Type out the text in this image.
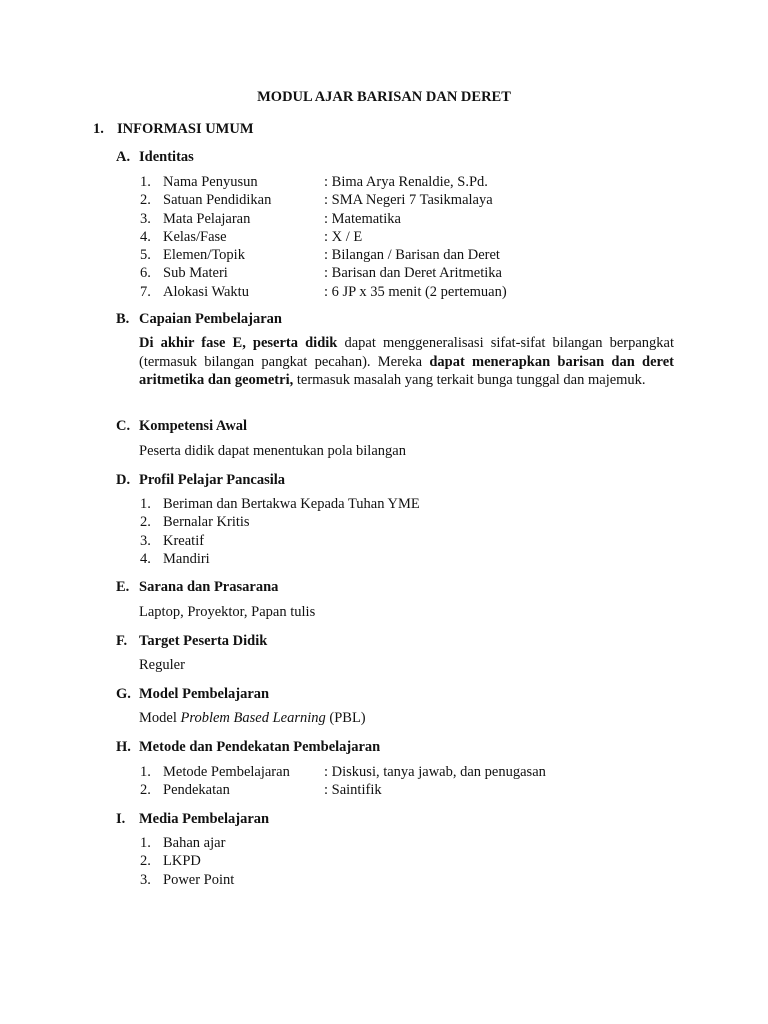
MODUL AJAR BARISAN DAN DERET
1. INFORMASI UMUM
A. Identitas
1. Nama Penyusun	: Bima Arya Renaldie, S.Pd.
2. Satuan Pendidikan	: SMA Negeri 7 Tasikmalaya
3. Mata Pelajaran	: Matematika
4. Kelas/Fase	: X / E
5. Elemen/Topik	: Bilangan / Barisan dan Deret
6. Sub Materi	: Barisan dan Deret Aritmetika
7. Alokasi Waktu	: 6 JP x 35 menit (2 pertemuan)
B. Capaian Pembelajaran
Di akhir fase E, peserta didik dapat menggeneralisasi sifat-sifat bilangan berpangkat (termasuk bilangan pangkat pecahan). Mereka dapat menerapkan barisan dan deret aritmetika dan geometri, termasuk masalah yang terkait bunga tunggal dan majemuk.
C. Kompetensi Awal
Peserta didik dapat menentukan pola bilangan
D. Profil Pelajar Pancasila
1. Beriman dan Bertakwa Kepada Tuhan YME
2. Bernalar Kritis
3. Kreatif
4. Mandiri
E. Sarana dan Prasarana
Laptop, Proyektor, Papan tulis
F. Target Peserta Didik
Reguler
G. Model Pembelajaran
Model Problem Based Learning (PBL)
H. Metode dan Pendekatan Pembelajaran
1. Metode Pembelajaran : Diskusi, tanya jawab, dan penugasan
2. Pendekatan	: Saintifik
I. Media Pembelajaran
1. Bahan ajar
2. LKPD
3. Power Point
